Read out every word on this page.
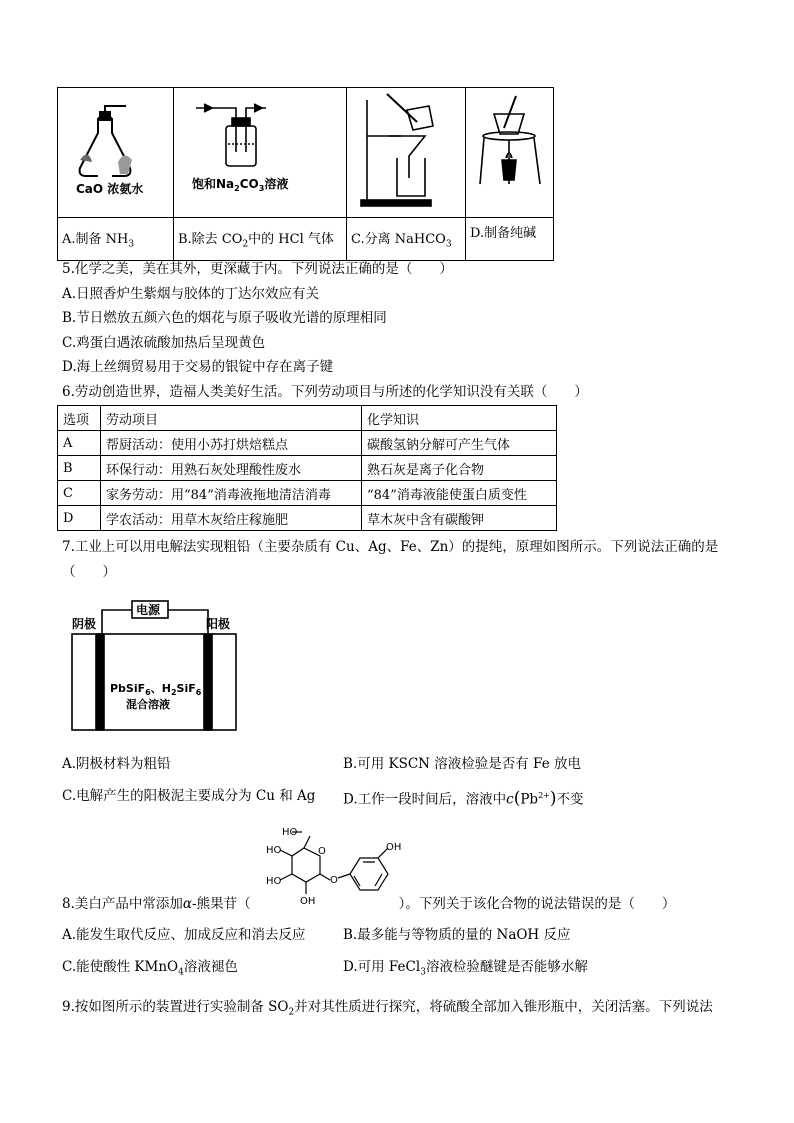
CaO 浓氨水	饱和$Na_2CO_3$溶液

A.制备 $NH_3$	B.除去 $CO_2$中的 HCl 气体	C.分离 NaHCO$_3$	D.制备纯碱
5.化学之美，美在其外，更深藏于内。下列说法正确的是（　　）
A.日照香炉生紫烟与胶体的丁达尔效应有关
B.节日燃放五颜六色的烟花与原子吸收光谱的原理相同
C.鸡蛋白遇浓硫酸加热后呈现黄色
D.海上丝绸贸易用于交易的银锭中存在离子键
6.劳动创造世界，造福人类美好生活。下列劳动项目与所述的化学知识没有关联（　　）
选项	劳动项目	化学知识
A	帮厨活动：使用小苏打烘焙糕点	碳酸氢钠分解可产生气体
B	环保行动：用熟石灰处理酸性废水	熟石灰是离子化合物
C	家务劳动：用“84”消毒液拖地清洁消毒	“84”消毒液能使蛋白质变性
D	学农活动：用草木灰给庄稼施肥	草木灰中含有碳酸钾
7.工业上可以用电解法实现粗铅（主要杂质有 Cu、Ag、Fe、Zn）的提纯，原理如图所示。下列说法正确的是
（　　）
电源
阴极	阳极
PbSiF$_6$、$H_2SiF_6$
混合溶液
A.阴极材料为粗铅	B.可用 KSCN 溶液检验是否有 Fe 放电
C.电解产生的阳极泥主要成分为 Cu 和 Ag D.工作一段时间后，溶液中$c(Pb^{2+})$不变
HO
HO
HO
OH
O
O
OH
8.美白产品中常添加α-熊果苷（	）。下列关于该化合物的说法错误的是（　　）
A.能发生取代反应、加成反应和消去反应	B.最多能与等物质的量的 NaOH 反应
C.能使酸性 KMnO$_4$溶液褪色	D.可用 FeCl$_3$溶液检验醚键是否能够水解
9.按如图所示的装置进行实验制备 $SO_2$并对其性质进行探究，将硫酸全部加入锥形瓶中，关闭活塞。下列说法
